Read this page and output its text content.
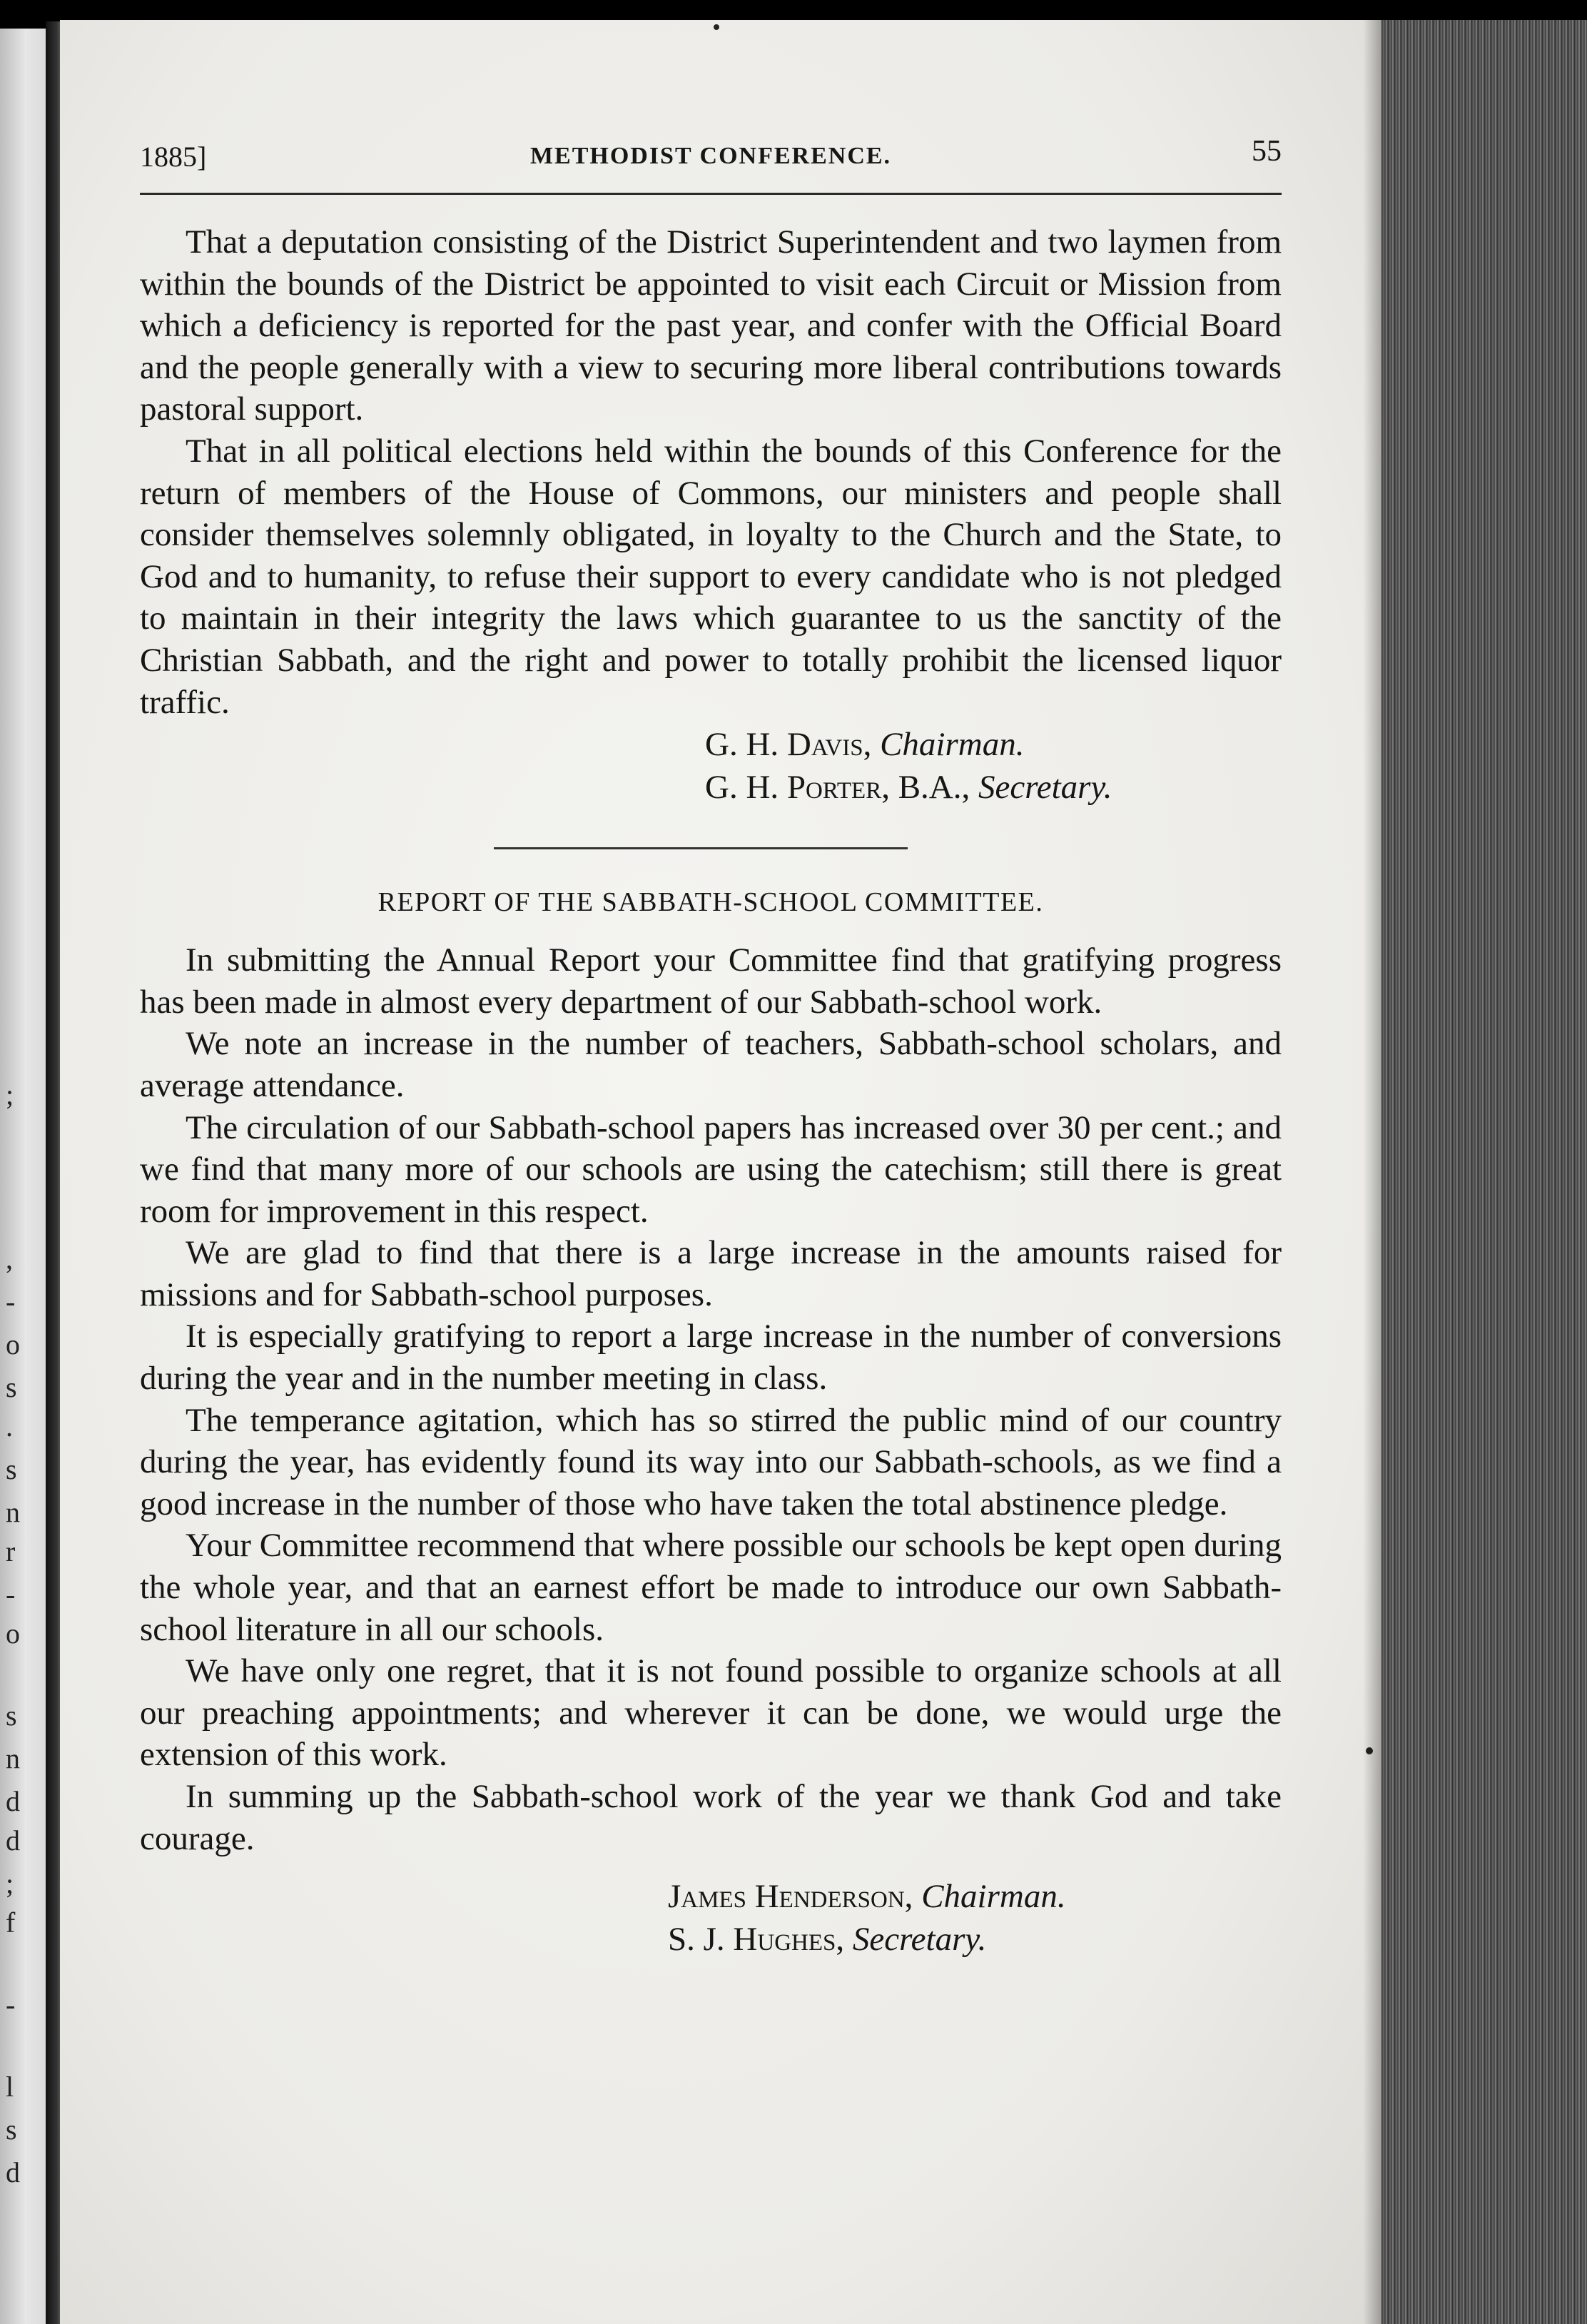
;
,
-
o
s
.
s
n
r
-
o
s
n
d
d
;
f
-
l
s
d
1885]	METHODIST CONFERENCE.	55

That a deputation consisting of the District Superintendent and two laymen from within the bounds of the District be appointed to visit each Circuit or Mission from which a deficiency is reported for the past year, and confer with the Official Board and the people generally with a view to securing more liberal contributions towards pastoral support.

That in all political elections held within the bounds of this Conference for the return of members of the House of Commons, our ministers and people shall consider themselves solemnly obligated, in loyalty to the Church and the State, to God and to humanity, to refuse their support to every candidate who is not pledged to maintain in their integrity the laws which guarantee to us the sanctity of the Christian Sabbath, and the right and power to totally prohibit the licensed liquor traffic.

G. H. Davis, Chairman.
G. H. Porter, B.A., Secretary.
REPORT OF THE SABBATH-SCHOOL COMMITTEE.

In submitting the Annual Report your Committee find that gratifying progress has been made in almost every department of our Sabbath-school work.

We note an increase in the number of teachers, Sabbath-school scholars, and average attendance.

The circulation of our Sabbath-school papers has increased over 30 per cent.; and we find that many more of our schools are using the catechism; still there is great room for improvement in this respect.

We are glad to find that there is a large increase in the amounts raised for missions and for Sabbath-school purposes.

It is especially gratifying to report a large increase in the number of conversions during the year and in the number meeting in class.

The temperance agitation, which has so stirred the public mind of our country during the year, has evidently found its way into our Sabbath-schools, as we find a good increase in the number of those who have taken the total abstinence pledge.

Your Committee recommend that where possible our schools be kept open during the whole year, and that an earnest effort be made to introduce our own Sabbath-school literature in all our schools.

We have only one regret, that it is not found possible to organize schools at all our preaching appointments; and wherever it can be done, we would urge the extension of this work.

In summing up the Sabbath-school work of the year we thank God and take courage.

James Henderson, Chairman.
S. J. Hughes, Secretary.
